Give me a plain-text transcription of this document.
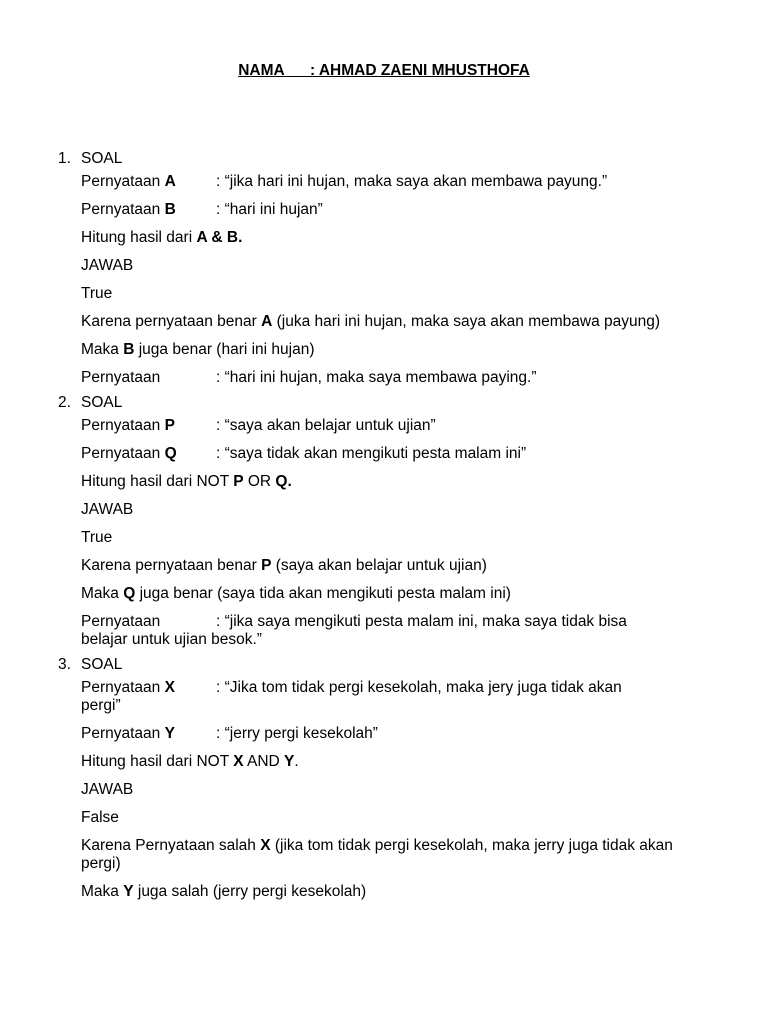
NAMA      : AHMAD ZAENI MHUSTHOFA
1. SOAL
Pernyataan A	: “jika hari ini hujan, maka saya akan membawa payung.”
Pernyataan B	: “hari ini hujan”
Hitung hasil dari A & B.
JAWAB
True
Karena pernyataan benar A (juka hari ini hujan, maka saya akan membawa payung)
Maka B juga benar (hari ini hujan)
Pernyataan	: “hari ini hujan, maka saya membawa paying.”
2. SOAL
Pernyataan P	: “saya akan belajar untuk ujian”
Pernyataan Q	: “saya tidak akan mengikuti pesta malam ini”
Hitung hasil dari NOT P OR Q.
JAWAB
True
Karena pernyataan benar P (saya akan belajar untuk ujian)
Maka Q juga benar (saya tida akan mengikuti pesta malam ini)
Pernyataan	: “jika saya mengikuti pesta malam ini, maka saya tidak bisa
belajar untuk ujian besok.”
3. SOAL
Pernyataan X	: “Jika tom tidak pergi kesekolah, maka jery juga tidak akan
pergi”
Pernyataan Y	: “jerry pergi kesekolah”
Hitung hasil dari NOT X AND Y.
JAWAB
False
Karena Pernyataan salah X (jika tom tidak pergi kesekolah, maka jerry juga tidak akan pergi)
Maka Y juga salah (jerry pergi kesekolah)
